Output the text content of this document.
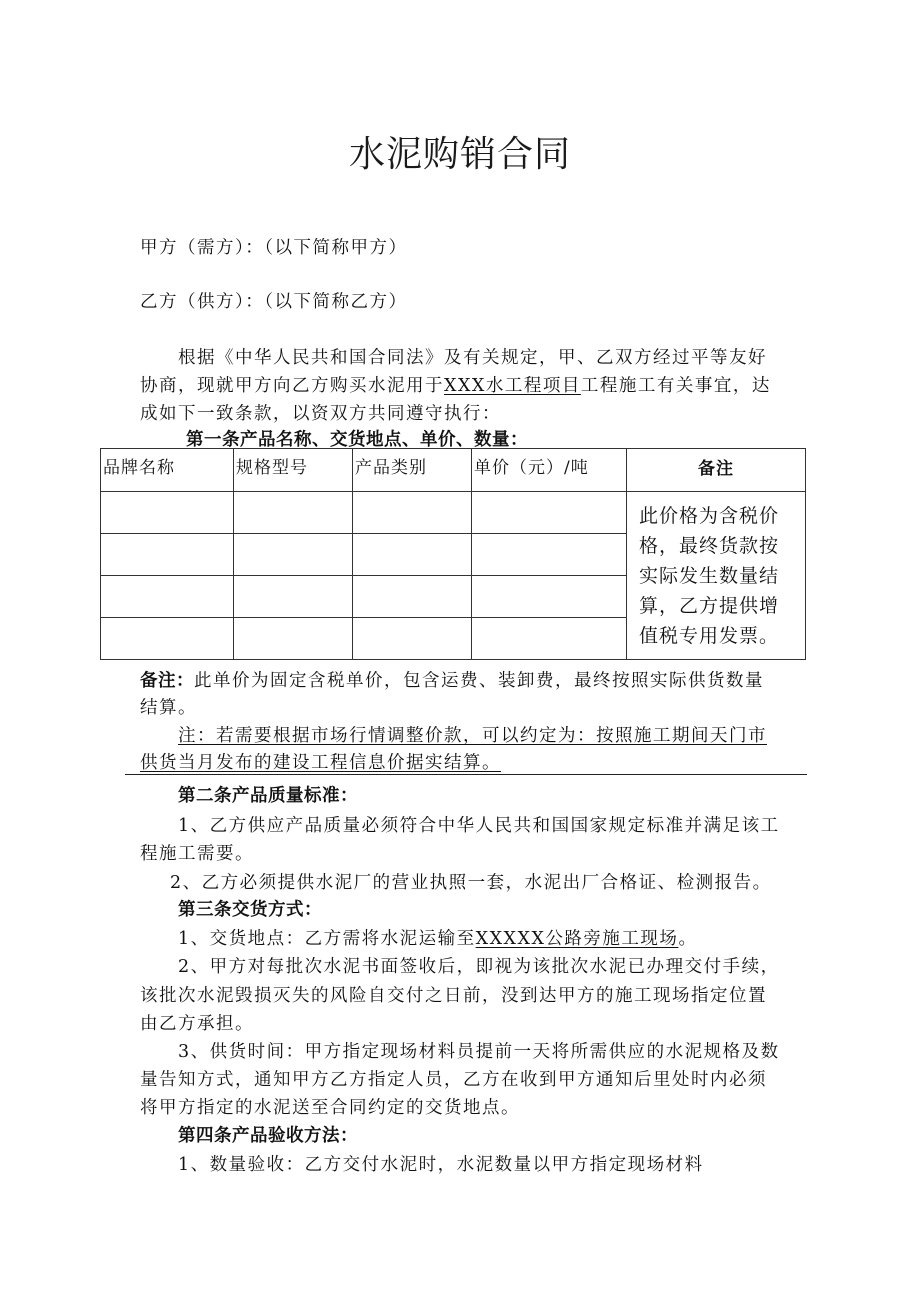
水泥购销合同
甲方（需方）：（以下简称甲方）
乙方（供方）：（以下简称乙方）
根据《中华人民共和国合同法》及有关规定，甲、乙双方经过平等友好
协商，现就甲方向乙方购买水泥用于XXX水工程项目工程施工有关事宜，达
成如下一致条款，以资双方共同遵守执行：
第一条产品名称、交货地点、单价、数量：
品牌名称	规格型号	产品类别	单价（元）/吨	备注

				此价格为含税价格，最终货款按实际发生数量结算，乙方提供增值税专用发票。

备注：此单价为固定含税单价，包含运费、装卸费，最终按照实际供货数量
结算。
注：若需要根据市场行情调整价款，可以约定为：按照施工期间天门市
供货当月发布的建设工程信息价据实结算。
第二条产品质量标准：
1、乙方供应产品质量必须符合中华人民共和国国家规定标准并满足该工
程施工需要。
2、乙方必须提供水泥厂的营业执照一套，水泥出厂合格证、检测报告。
第三条交货方式：
1、交货地点：乙方需将水泥运输至XXXXX公路旁施工现场。
2、甲方对每批次水泥书面签收后，即视为该批次水泥已办理交付手续，
该批次水泥毁损灭失的风险自交付之日前，没到达甲方的施工现场指定位置
由乙方承担。
3、供货时间：甲方指定现场材料员提前一天将所需供应的水泥规格及数
量告知方式，通知甲方乙方指定人员，乙方在收到甲方通知后里处时内必须
将甲方指定的水泥送至合同约定的交货地点。
第四条产品验收方法：
1、数量验收：乙方交付水泥时，水泥数量以甲方指定现场材料
